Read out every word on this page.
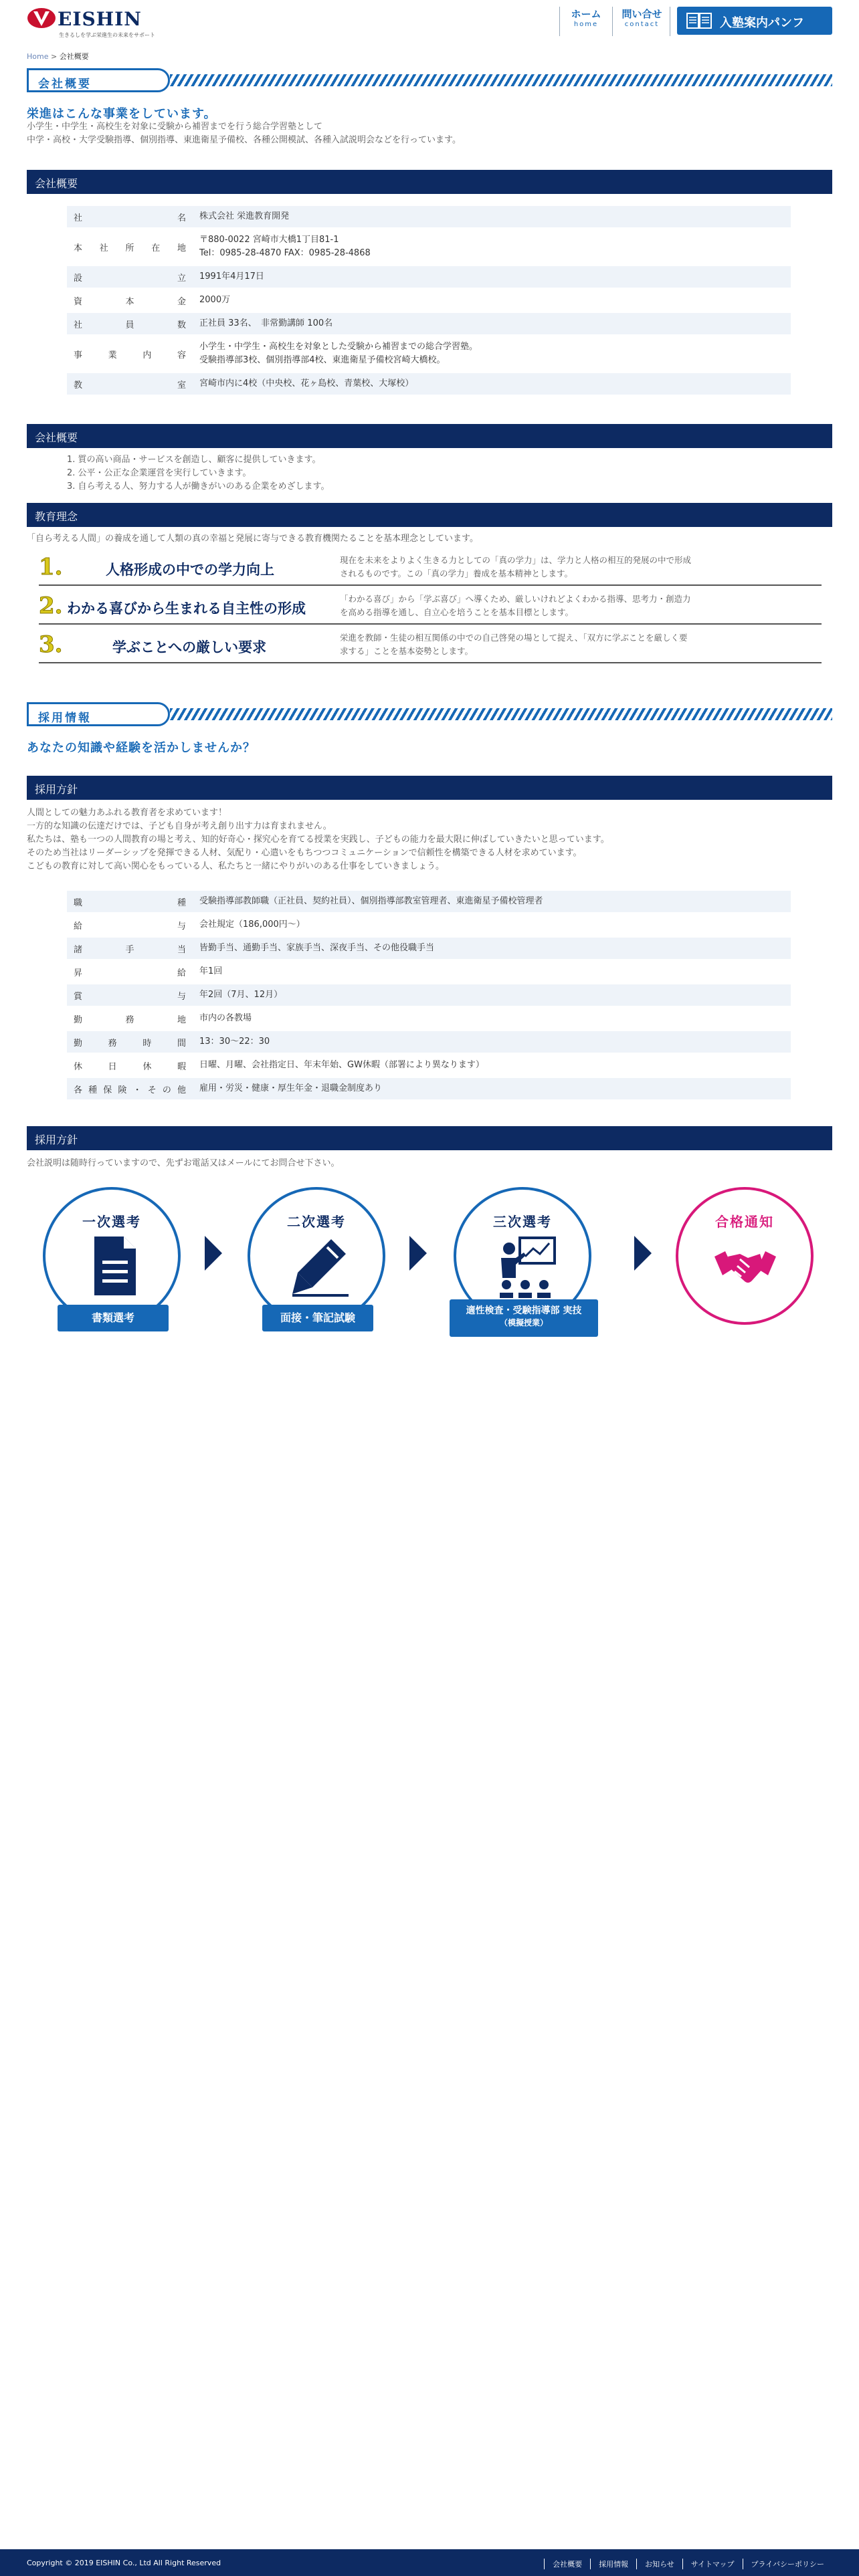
EISHIN
生きるしを学ぶ栄進生の未来をサポート
ホーム
home
問い合せ
contact	入塾案内パンフ
Home > 会社概要
会社概要
栄進はこんな事業をしています。
小学生・中学生・高校生を対象に受験から補習までを行う総合学習塾として
中学・高校・大学受験指導、個別指導、東進衛星予備校、各種公開模試、各種入試説明会などを行っています。
会社概要
社名 株式会社 栄進教育開発
本社所在地
〒880-0022 宮崎市大橋1丁目81-1
Tel：0985-28-4870 FAX：0985-28-4868
設立 1991年4月17日
資本金 2000万
社員数 正社員 33名、　非常勤講師 100名
事業内容
小学生・中学生・高校生を対象とした受験から補習までの総合学習塾。
受験指導部3校、個別指導部4校、東進衛星予備校宮崎大橋校。
教室 宮崎市内に4校（中央校、花ヶ島校、青葉校、大塚校）
会社概要
1. 質の高い商品・サービスを創造し、顧客に提供していきます。
2. 公平・公正な企業運営を実行していきます。
3. 自ら考える人、努力する人が働きがいのある企業をめざします。
教育理念
「自ら考える人間」の養成を通して人類の真の幸福と発展に寄与できる教育機関たることを基本理念としています。
1.	人格形成の中での学力向上
現在を未来をよりよく生きる力としての「真の学力」は、学力と人格の相互的発展の中で形成
されるものです。この「真の学力」養成を基本精神とします。
2. わかる喜びから生まれる自主性の形成
「わかる喜び」から「学ぶ喜び」へ導くため、厳しいけれどよくわかる指導、思考力・創造力
を高める指導を通し、自立心を培うことを基本目標とします。
3.	学ぶことへの厳しい要求
栄進を教師・生徒の相互関係の中での自己啓発の場として捉え、「双方に学ぶことを厳しく要
求する」ことを基本姿勢とします。
採用情報
あなたの知識や経験を活かしませんか？
採用方針
人間としての魅力あふれる教育者を求めています！
一方的な知識の伝達だけでは、子ども自身が考え創り出す力は育まれません。
私たちは、塾も一つの人間教育の場と考え、知的好奇心・探究心を育てる授業を実践し、子どもの能力を最大限に伸ばしていきたいと思っています。
そのため当社はリーダーシップを発揮できる人材、気配り・心遣いをもちつつコミュニケーションで信頼性を構築できる人材を求めています。
こどもの教育に対して高い関心をもっている人、私たちと一緒にやりがいのある仕事をしていきましょう。
職種 受験指導部教師職（正社員、契約社員）、個別指導部教室管理者、東進衛星予備校管理者
給与 会社規定（186,000円〜）
諸手当 皆勤手当、通勤手当、家族手当、深夜手当、その他役職手当
昇給 年1回
賞与 年2回（7月、12月）
勤務地 市内の各教場
勤務時間 13：30〜22：30
休日休暇 日曜、月曜、会社指定日、年末年始、GW休暇（部署により異なります）
各種保険・その他 雇用・労災・健康・厚生年金・退職金制度あり
採用方針
会社説明は随時行っていますので、先ずお電話又はメールにてお問合せ下さい。
一次選考
書類選考
二次選考
面接・筆記試験
三次選考
適性検査・受験指導部 実技
（模擬授業）
合格通知
Copyright © 2019 EISHIN Co., Ltd All Right Reserved	会社概要	採用情報	お知らせ	サイトマップ	プライバシーポリシー
